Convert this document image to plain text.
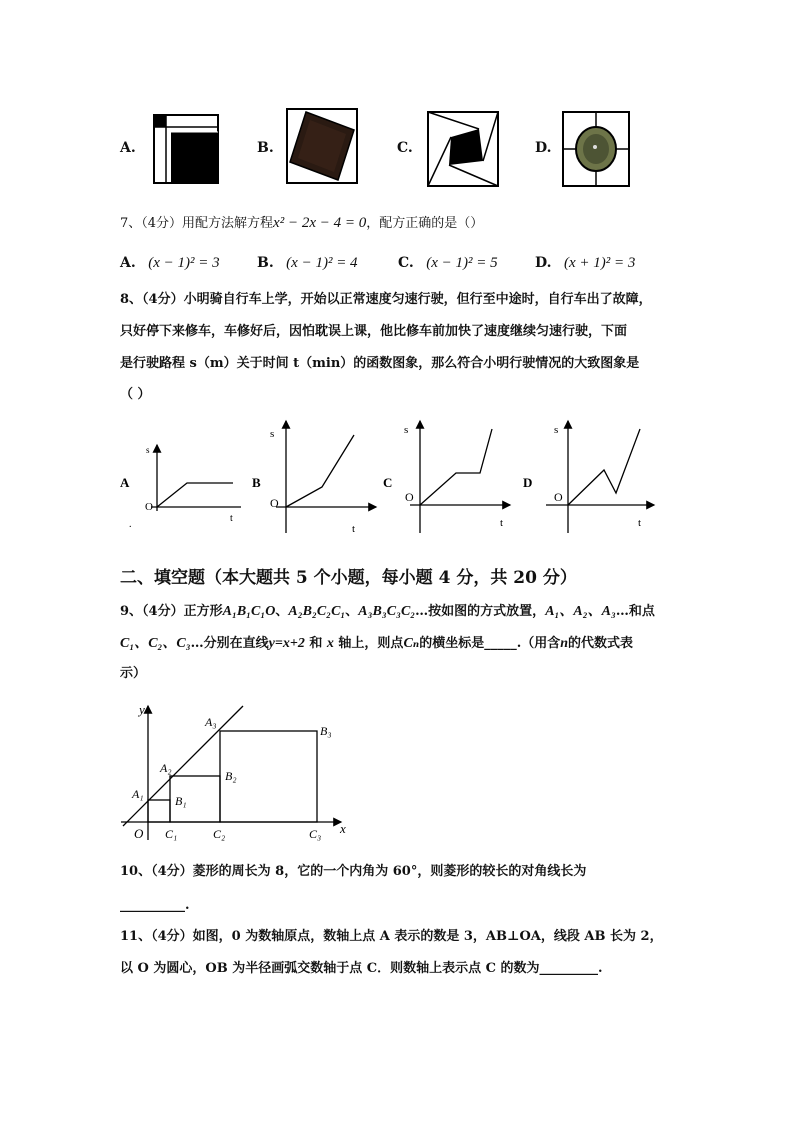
A.	B.	C.	D.
7、（4分）用配方法解方程x² − 2x − 4 = 0，配方正确的是（）
A. (x − 1)² = 3	B. (x − 1)² = 4	C. (x − 1)² = 5	D. (x + 1)² = 3
8、（4分）小明骑自行车上学，开始以正常速度匀速行驶，但行至中途时，自行车出了故障，
只好停下来修车，车修好后，因怕耽误上课，他比修车前加快了速度继续匀速行驶，下面
是行驶路程 s（m）关于时间 t（min）的函数图象，那么符合小明行驶情况的大致图象是
（ ）
A
s
O
t
.
B
s
O
t
C
s
O
t
D
s
O
t
二、填空题（本大题共 5 个小题，每小题 4 分，共 20 分）
9、（4分）正方形A₁B₁C₁O、A₂B₂C₂C₁、A₃B₃C₃C₂…按如图的方式放置，A₁、A₂、A₃…和点
C₁、C₂、C₃…分别在直线y=x+2 和 x 轴上，则点Cₙ的横坐标是_____.（用含n的代数式表
示）
y
x
O
A₁
A₂
A₃
B₁
B₂
B₃
C₁	C₂	C₃
10、（4分）菱形的周长为 8，它的一个内角为 60°，则菱形的较长的对角线长为
__________.
11、（4分）如图，0 为数轴原点，数轴上点 A 表示的数是 3，AB⊥OA，线段 AB 长为 2，
以 O 为圆心，OB 为半径画弧交数轴于点 C．则数轴上表示点 C 的数为_________.
